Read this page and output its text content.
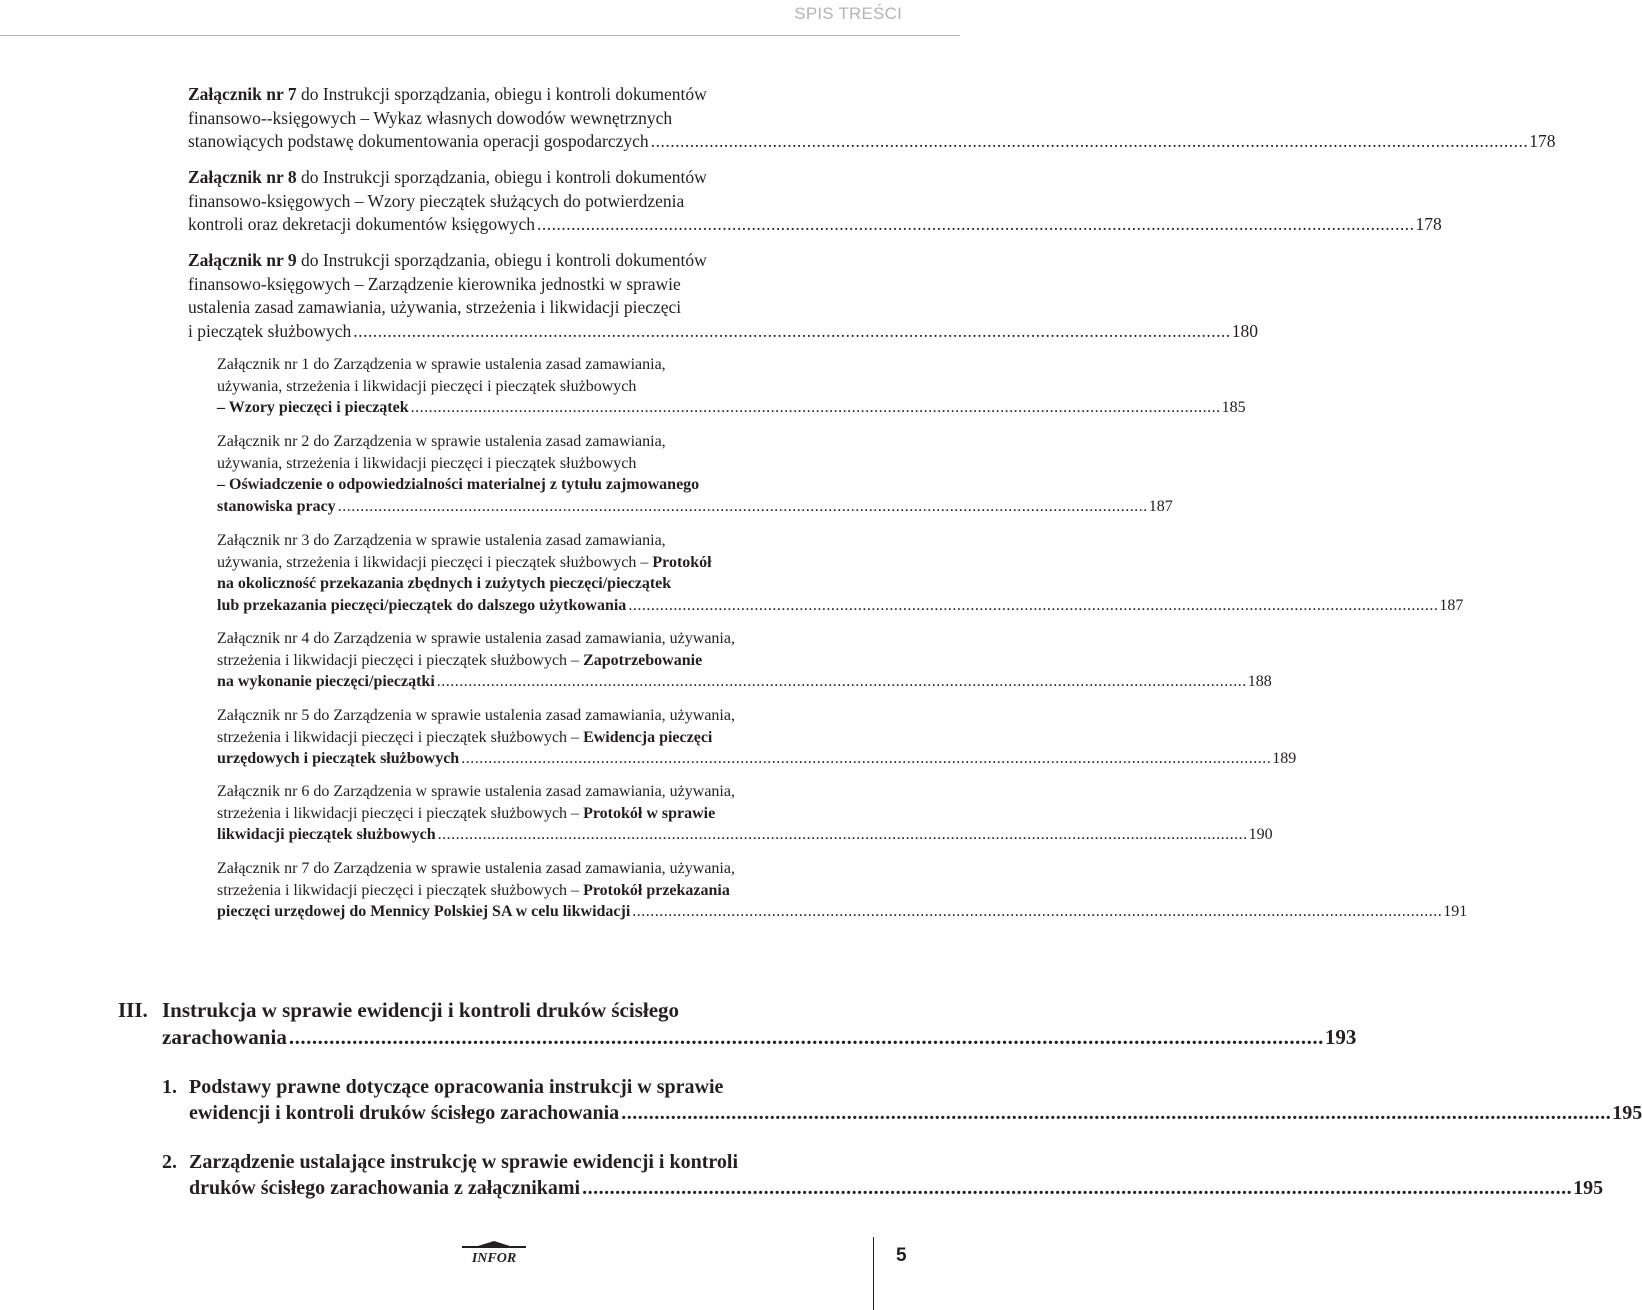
SPIS TREŚCI
Załącznik nr 7 do Instrukcji sporządzania, obiegu i kontroli dokumentów
finansowo--księgowych – Wykaz własnych dowodów wewnętrznych
stanowiących podstawę dokumentowania operacji gospodarczych .................................................................................................................................................................................... 178
Załącznik nr 8 do Instrukcji sporządzania, obiegu i kontroli dokumentów
finansowo-księgowych – Wzory pieczątek służących do potwierdzenia
kontroli oraz dekretacji dokumentów księgowych .................................................................................................................................................................................... 178
Załącznik nr 9 do Instrukcji sporządzania, obiegu i kontroli dokumentów
finansowo-księgowych – Zarządzenie kierownika jednostki w sprawie
ustalenia zasad zamawiania, używania, strzeżenia i likwidacji pieczęci
i pieczątek służbowych .................................................................................................................................................................................... 180
Załącznik nr 1 do Zarządzenia w sprawie ustalenia zasad zamawiania,
używania, strzeżenia i likwidacji pieczęci i pieczątek służbowych
– Wzory pieczęci i pieczątek .................................................................................................................................................................................... 185
Załącznik nr 2 do Zarządzenia w sprawie ustalenia zasad zamawiania,
używania, strzeżenia i likwidacji pieczęci i pieczątek służbowych
– Oświadczenie o odpowiedzialności materialnej z tytułu zajmowanego
stanowiska pracy .................................................................................................................................................................................... 187
Załącznik nr 3 do Zarządzenia w sprawie ustalenia zasad zamawiania,
używania, strzeżenia i likwidacji pieczęci i pieczątek służbowych – Protokół
na okoliczność przekazania zbędnych i zużytych pieczęci/pieczątek
lub przekazania pieczęci/pieczątek do dalszego użytkowania .................................................................................................................................................................................... 187
Załącznik nr 4 do Zarządzenia w sprawie ustalenia zasad zamawiania, używania,
strzeżenia i likwidacji pieczęci i pieczątek służbowych – Zapotrzebowanie
na wykonanie pieczęci/pieczątki .................................................................................................................................................................................... 188
Załącznik nr 5 do Zarządzenia w sprawie ustalenia zasad zamawiania, używania,
strzeżenia i likwidacji pieczęci i pieczątek służbowych – Ewidencja pieczęci
urzędowych i pieczątek służbowych .................................................................................................................................................................................... 189
Załącznik nr 6 do Zarządzenia w sprawie ustalenia zasad zamawiania, używania,
strzeżenia i likwidacji pieczęci i pieczątek służbowych – Protokół w sprawie
likwidacji pieczątek służbowych .................................................................................................................................................................................... 190
Załącznik nr 7 do Zarządzenia w sprawie ustalenia zasad zamawiania, używania,
strzeżenia i likwidacji pieczęci i pieczątek służbowych – Protokół przekazania
pieczęci urzędowej do Mennicy Polskiej SA w celu likwidacji .................................................................................................................................................................................... 191
III. Instrukcja w sprawie ewidencji i kontroli druków ścisłego
zarachowania .................................................................................................................................................................................... 193
1. Podstawy prawne dotyczące opracowania instrukcji w sprawie
ewidencji i kontroli druków ścisłego zarachowania .................................................................................................................................................................................... 195
2. Zarządzenie ustalające instrukcję w sprawie ewidencji i kontroli
druków ścisłego zarachowania z załącznikami .................................................................................................................................................................................... 195
INFOR	5
